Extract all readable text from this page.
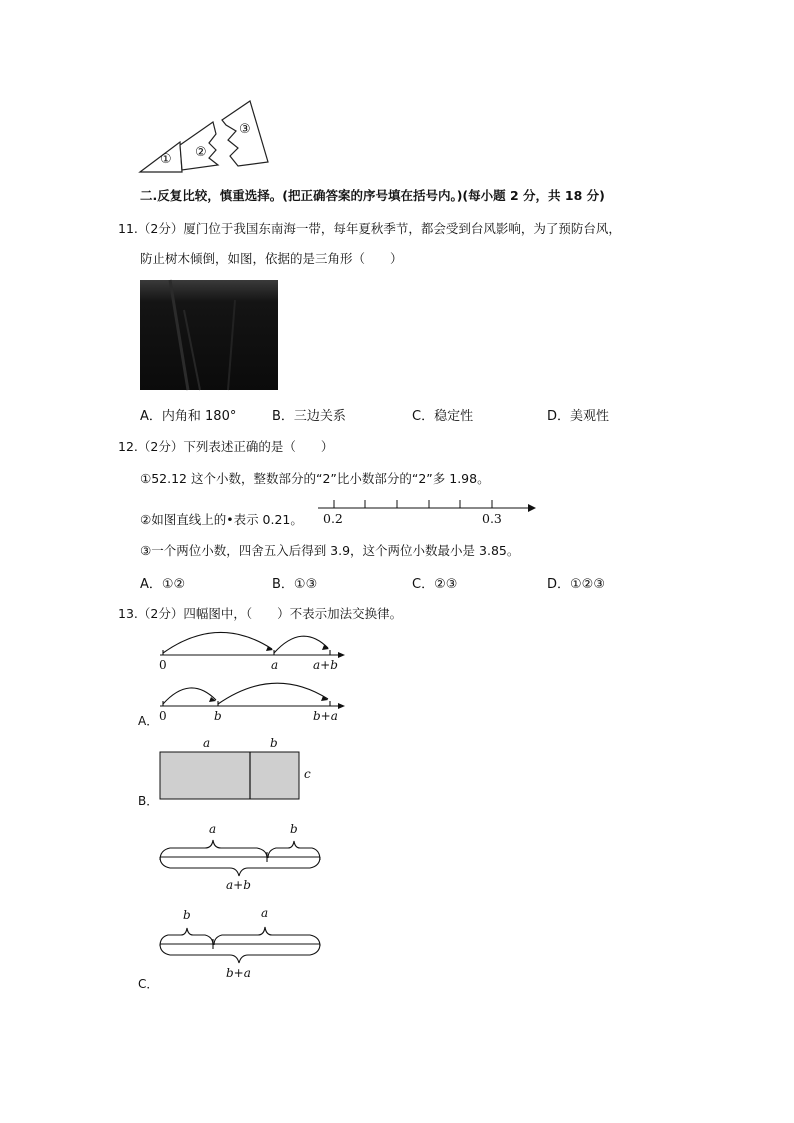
① ②
③
二.反复比较，慎重选择。(把正确答案的序号填在括号内。)(每小题 2 分，共 18 分)
11.（2分）厦门位于我国东南海一带，每年夏秋季节，都会受到台风影响，为了预防台风，
防止树木倾倒，如图，依据的是三角形（　　）
A．内角和 180°	B．三边关系	C．稳定性	D．美观性
12.（2分）下列表述正确的是（　　）
①52.12 这个小数，整数部分的“2”比小数部分的“2”多 1.98。
②如图直线上的•表示 0.21。 0.2	0.3
③一个两位小数，四舍五入后得到 3.9，这个两位小数最小是 3.85。
A．①②	B．①③	C．②③	D．①②③
13.（2分）四幅图中，（　　）不表示加法交换律。
0	a	a+b
A． 0	b	b+a
a	b
c
B．
a	b
a+b
b	a
b+a
C．
